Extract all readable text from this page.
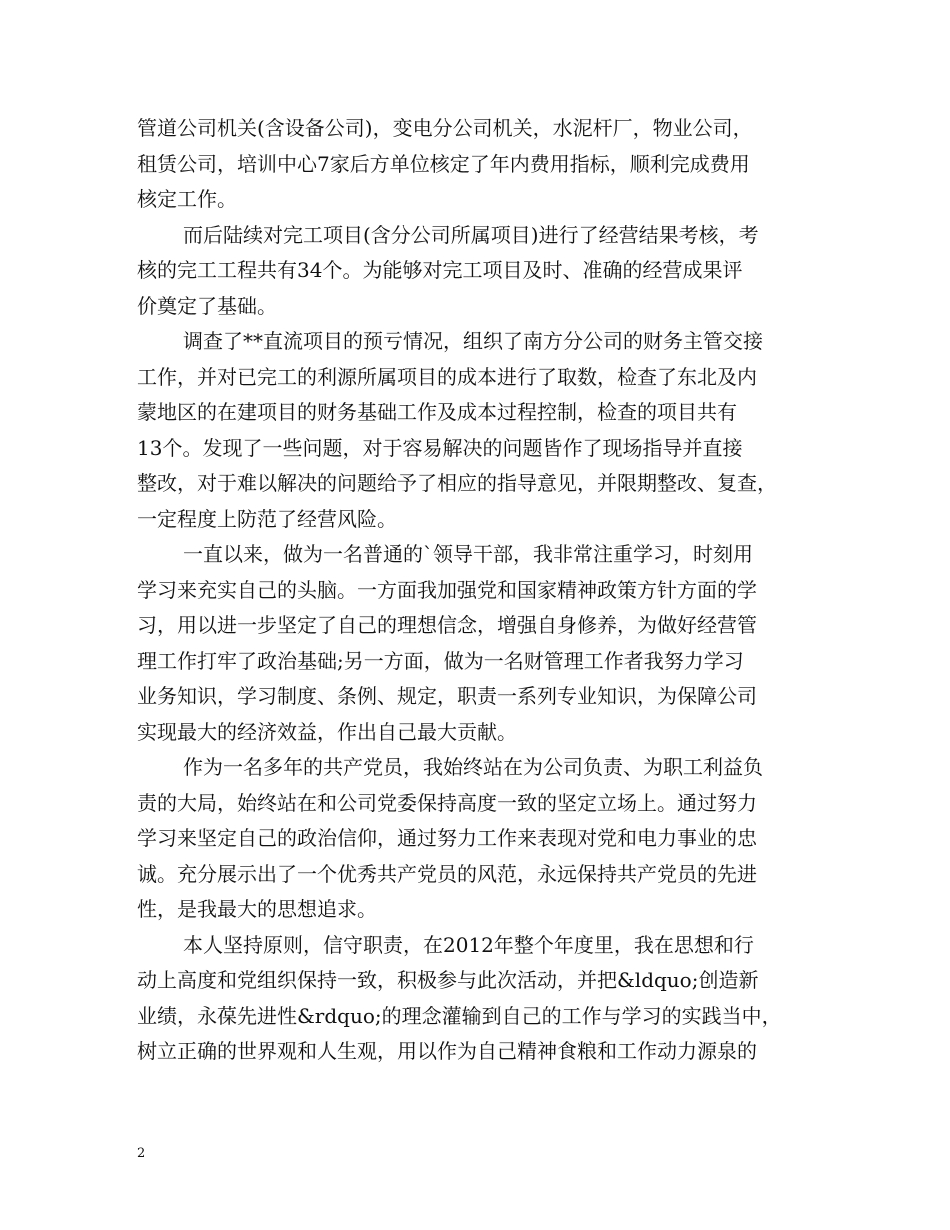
管道公司机关(含设备公司)，变电分公司机关，水泥杆厂，物业公司，
租赁公司，培训中心7家后方单位核定了年内费用指标，顺利完成费用
核定工作。
而后陆续对完工项目(含分公司所属项目)进行了经营结果考核，考
核的完工工程共有34个。为能够对完工项目及时、准确的经营成果评
价奠定了基础。
调查了**直流项目的预亏情况，组织了南方分公司的财务主管交接
工作，并对已完工的利源所属项目的成本进行了取数，检查了东北及内
蒙地区的在建项目的财务基础工作及成本过程控制，检查的项目共有
13个。发现了一些问题，对于容易解决的问题皆作了现场指导并直接
整改，对于难以解决的问题给予了相应的指导意见，并限期整改、复查，
一定程度上防范了经营风险。
一直以来，做为一名普通的`领导干部，我非常注重学习，时刻用
学习来充实自己的头脑。一方面我加强党和国家精神政策方针方面的学
习，用以进一步坚定了自己的理想信念，增强自身修养，为做好经营管
理工作打牢了政治基础;另一方面，做为一名财管理工作者我努力学习
业务知识，学习制度、条例、规定，职责一系列专业知识，为保障公司
实现最大的经济效益，作出自己最大贡献。
作为一名多年的共产党员，我始终站在为公司负责、为职工利益负
责的大局，始终站在和公司党委保持高度一致的坚定立场上。通过努力
学习来坚定自己的政治信仰，通过努力工作来表现对党和电力事业的忠
诚。充分展示出了一个优秀共产党员的风范，永远保持共产党员的先进
性，是我最大的思想追求。
本人坚持原则，信守职责，在2012年整个年度里，我在思想和行
动上高度和党组织保持一致，积极参与此次活动，并把&ldquo;创造新
业绩，永葆先进性&rdquo;的理念灌输到自己的工作与学习的实践当中，
树立正确的世界观和人生观，用以作为自己精神食粮和工作动力源泉的
2
